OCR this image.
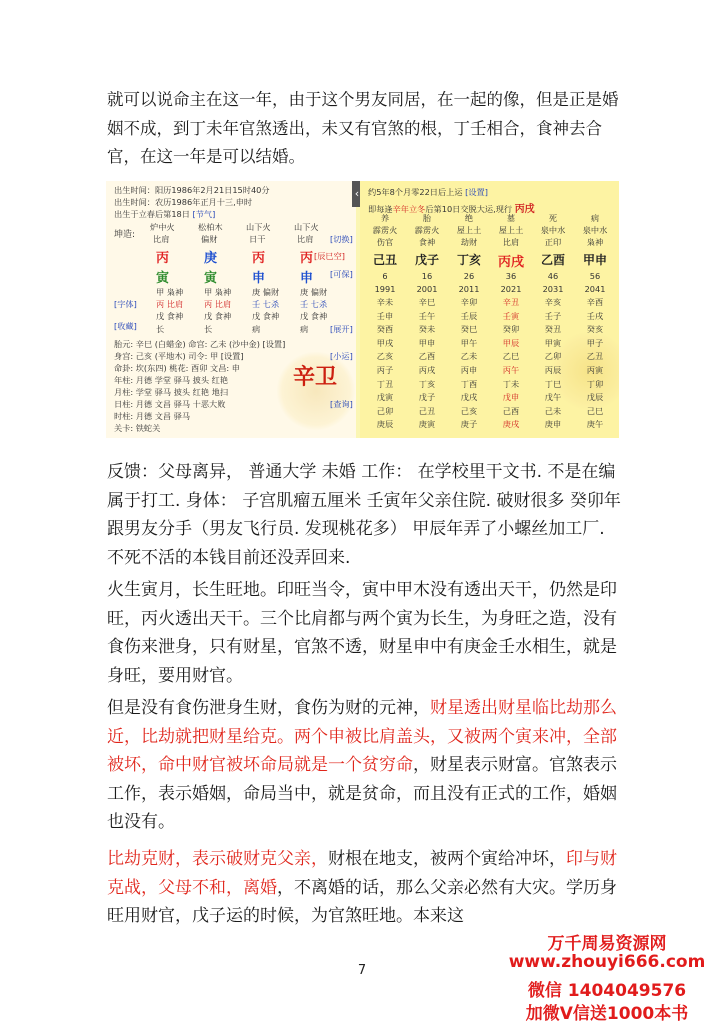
就可以说命主在这一年，由于这个男友同居，在一起的像，但是正是婚姻不成，到丁未年官煞透出，未又有官煞的根，丁壬相合，食神去合官，在这一年是可以结婚。

出生时间：阳历1986年2月21日15时40分
出生时间：农历1986年正月十三,申时
出生于立春后第18日 [节气]
坤造:
炉中火	松柏木	山下火	山下火
比肩	偏财	日干	比肩 [切换]
丙	庚	丙	丙 [辰巳空]
寅	寅	申	申 [可保]
[字体]
[收藏]
甲 枭神	甲 枭神	庚 偏财	庚 偏财
丙 比肩	丙 比肩	壬 七杀	壬 七杀
戊 食神	戊 食神	戊 食神	戊 食神
长	长	病	病	[展开]
胎元: 辛巳 (白蜡金) 命宫: 乙未 (沙中金) [设置]
身宫: 己亥 (平地木) 司令: 甲 [设置]	[小运]
命卦: 坎(东四) 桃花: 酉卯 文昌: 申
年柱: 月德 学堂 驿马 披头 红艳
月柱: 学堂 驿马 披头 红艳 地扫
日柱: 月德 文昌 驿马 十恶大败	[查询]
时柱: 月德 文昌 驿马
关卡: 铁蛇关
辛卫
‹	约5年8个月零22日后上运 [设置]
即每逢辛年立冬后第10日交脱大运,现行 丙戌
养	胎	绝	墓	死	病
霹雳火	霹雳火	屋上土	屋上土	泉中水	泉中水
伤官	食神	劫财	比肩	正印	枭神
己丑	戊子	丁亥	丙戌	乙酉	甲申
6	16	26	36	46	56
1991	2001	2011	2021	2031	2041
辛未	辛巳	辛卯	辛丑	辛亥	辛酉
壬申	壬午	壬辰	壬寅	壬子	壬戌
癸酉	癸未	癸巳	癸卯	癸丑	癸亥
甲戌	甲申	甲午	甲辰	甲寅	甲子
乙亥	乙酉	乙未	乙巳	乙卯	乙丑
丙子	丙戌	丙申	丙午	丙辰	丙寅
丁丑	丁亥	丁酉	丁未	丁巳	丁卯
戊寅	戊子	戊戌	戊申	戊午	戊辰
己卯	己丑	己亥	己酉	己未	己巳
庚辰	庚寅	庚子	庚戌	庚申	庚午

反馈：父母离异， 普通大学 未婚 工作： 在学校里干文书. 不是在编属于打工. 身体： 子宫肌瘤五厘米 壬寅年父亲住院. 破财很多 癸卯年跟男友分手（男友飞行员. 发现桃花多） 甲辰年弄了小螺丝加工厂. 不死不活的本钱目前还没弄回来.

火生寅月，长生旺地。印旺当令，寅中甲木没有透出天干，仍然是印旺，丙火透出天干。三个比肩都与两个寅为长生，为身旺之造，没有食伤来泄身，只有财星，官煞不透，财星申中有庚金壬水相生，就是身旺，要用财官。

但是没有食伤泄身生财，食伤为财的元神，财星透出财星临比劫那么近，比劫就把财星给克。两个申被比肩盖头，又被两个寅来冲，全部被坏，命中财官被坏命局就是一个贫穷命，财星表示财富。官煞表示工作，表示婚姻，命局当中，就是贫命，而且没有正式的工作，婚姻也没有。

比劫克财，表示破财克父亲，财根在地支，被两个寅给冲坏，印与财克战，父母不和，离婚，不离婚的话，那么父亲必然有大灾。学历身旺用财官，戊子运的时候，为官煞旺地。本来这

7
万千周易资源网
www.zhouyi666.com
微信 1404049576
加微V信送1000本书
